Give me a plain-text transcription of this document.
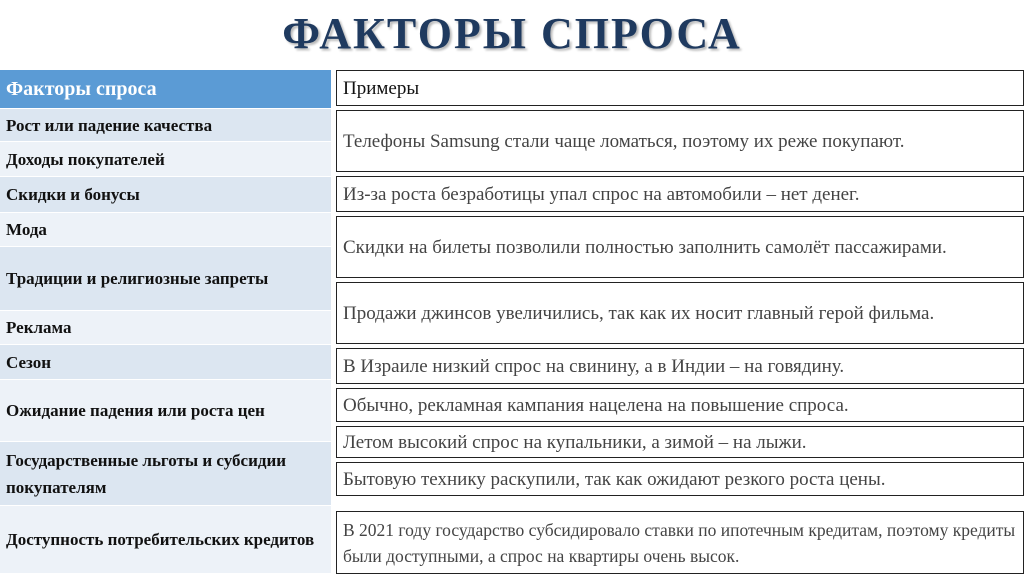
ФАКТОРЫ СПРОСА
Факторы спроса
Рост или падение качества
Доходы покупателей
Скидки и бонусы
Мода
Традиции и религиозные запреты
Реклама
Сезон
Ожидание падения или роста цен
Государственные льготы и субсидии покупателям
Доступность потребительских кредитов
Примеры
Телефоны Samsung стали чаще ломаться, поэтому их реже покупают.
Из-за роста безработицы упал спрос на автомобили – нет денег.
Скидки на билеты позволили полностью заполнить самолёт пассажирами.
Продажи джинсов увеличились, так как их носит главный герой фильма.
В Израиле низкий спрос на свинину, а в Индии – на говядину.
Обычно, рекламная кампания нацелена на повышение спроса.
Летом высокий спрос на купальники, а зимой – на лыжи.
Бытовую технику раскупили, так как ожидают резкого роста цены.
В 2021 году государство субсидировало ставки по ипотечным кредитам, поэтому кредиты были доступными, а спрос на квартиры очень высок.
